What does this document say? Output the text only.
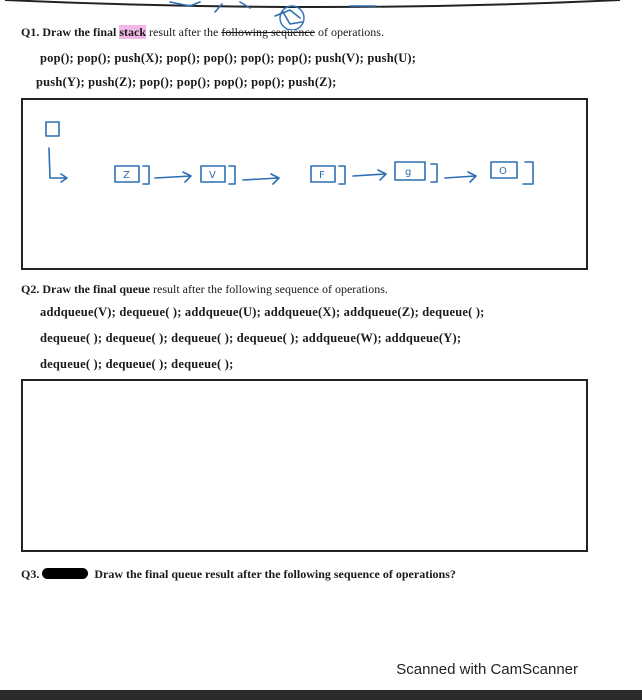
Q1. Draw the final stack result after the following sequence of operations.
pop(); pop(); push(X); pop(); pop(); pop(); pop(); push(V); push(U);
push(Y); push(Z); pop(); pop(); pop(); pop(); push(Z);
Z	V	F	g	O
Q2. Draw the final queue result after the following sequence of operations.
addqueue(V); dequeue( ); addqueue(U); addqueue(X); addqueue(Z); dequeue( );
dequeue( ); dequeue( ); dequeue( ); dequeue( ); addqueue(W); addqueue(Y);
dequeue( ); dequeue( ); dequeue( );
Q3.	Draw the final queue result after the following sequence of operations?
Scanned with CamScanner
